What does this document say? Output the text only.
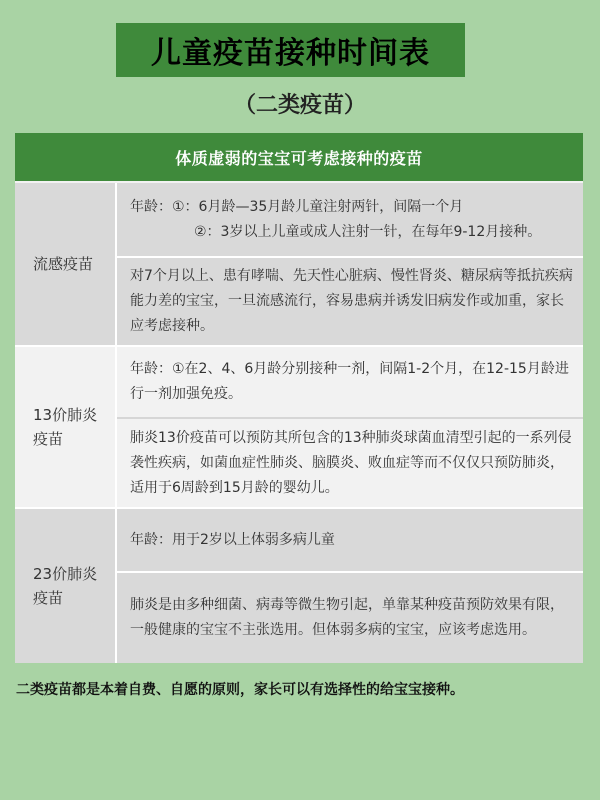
儿童疫苗接种时间表
（二类疫苗）
体质虚弱的宝宝可考虑接种的疫苗
流感疫苗
年龄：①：6月龄—35月龄儿童注射两针，间隔一个月
②：3岁以上儿童或成人注射一针，在每年9-12月接种。
对7个月以上、患有哮喘、先天性心脏病、慢性肾炎、糖尿病等抵抗疾病能力差的宝宝，一旦流感流行，容易患病并诱发旧病发作或加重，家长应考虑接种。
13价肺炎疫苗
年龄：①在2、4、6月龄分别接种一剂，间隔1-2个月，在12-15月龄进行一剂加强免疫。
肺炎13价疫苗可以预防其所包含的13种肺炎球菌血清型引起的一系列侵袭性疾病，如菌血症性肺炎、脑膜炎、败血症等而不仅仅只预防肺炎，适用于6周龄到15月龄的婴幼儿。
23价肺炎疫苗
年龄：用于2岁以上体弱多病儿童
肺炎是由多种细菌、病毒等微生物引起，单靠某种疫苗预防效果有限，一般健康的宝宝不主张选用。但体弱多病的宝宝，应该考虑选用。
二类疫苗都是本着自费、自愿的原则，家长可以有选择性的给宝宝接种。
